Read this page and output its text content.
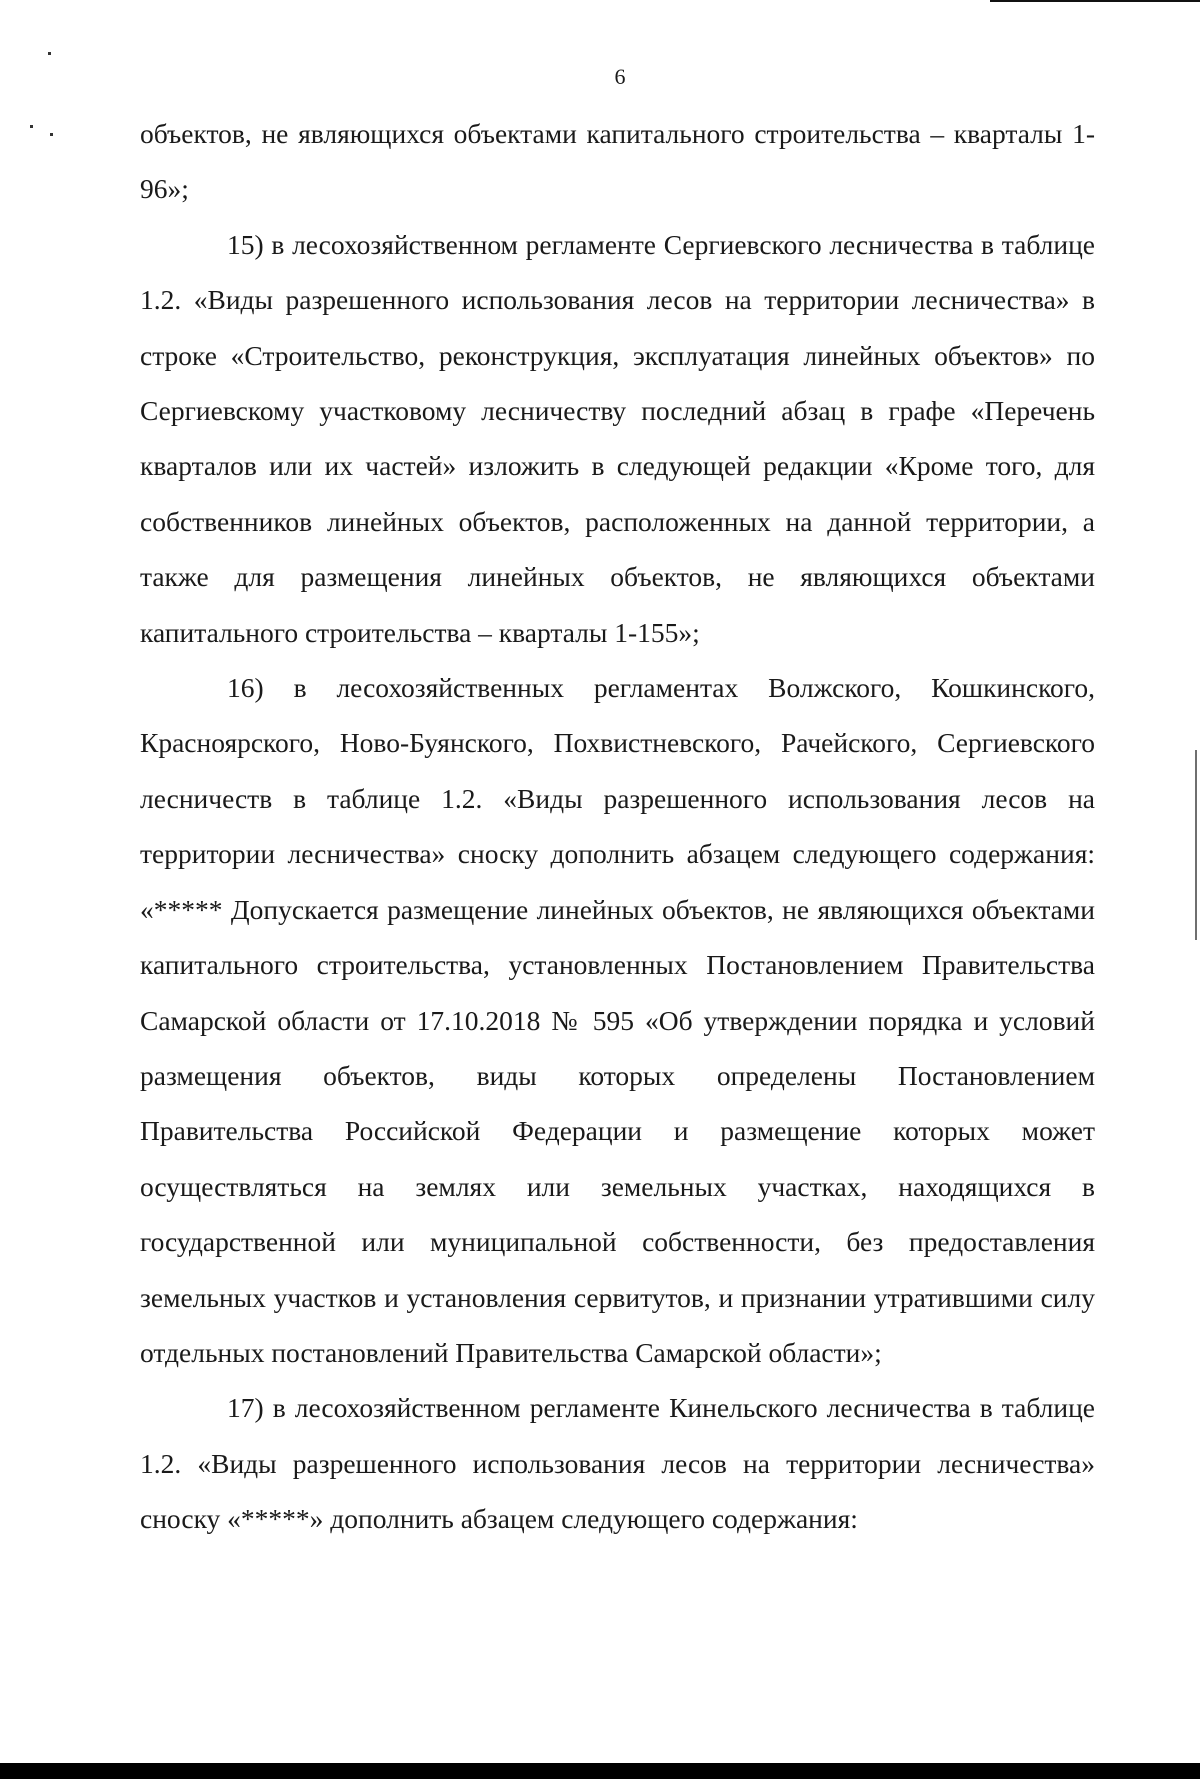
6

объектов, не являющихся объектами капитального строительства – кварталы 1-96»;

15) в лесохозяйственном регламенте Сергиевского лесничества в таблице 1.2. «Виды разрешенного использования лесов на территории лесничества» в строке «Строительство, реконструкция, эксплуатация линейных объектов» по Сергиевскому участковому лесничеству последний абзац в графе «Перечень кварталов или их частей» изложить в следующей редакции «Кроме того, для собственников линейных объектов, расположенных на данной территории, а также для размещения линейных объектов, не являющихся объектами капитального строительства – кварталы 1-155»;

16) в лесохозяйственных регламентах Волжского, Кошкинского, Красноярского, Ново-Буянского, Похвистневского, Рачейского, Сергиевского лесничеств в таблице 1.2. «Виды разрешенного использования лесов на территории лесничества» сноску дополнить абзацем следующего содержания: «***** Допускается размещение линейных объектов, не являющихся объектами капитального строительства, установленных Постановлением Правительства Самарской области от 17.10.2018 № 595 «Об утверждении порядка и условий размещения объектов, виды которых определены Постановлением Правительства Российской Федерации и размещение которых может осуществляться на землях или земельных участках, находящихся в государственной или муниципальной собственности, без предоставления земельных участков и установления сервитутов, и признании утратившими силу отдельных постановлений Правительства Самарской области»;

17) в лесохозяйственном регламенте Кинельского лесничества в таблице 1.2. «Виды разрешенного использования лесов на территории лесничества» сноску «*****» дополнить абзацем следующего содержания:
